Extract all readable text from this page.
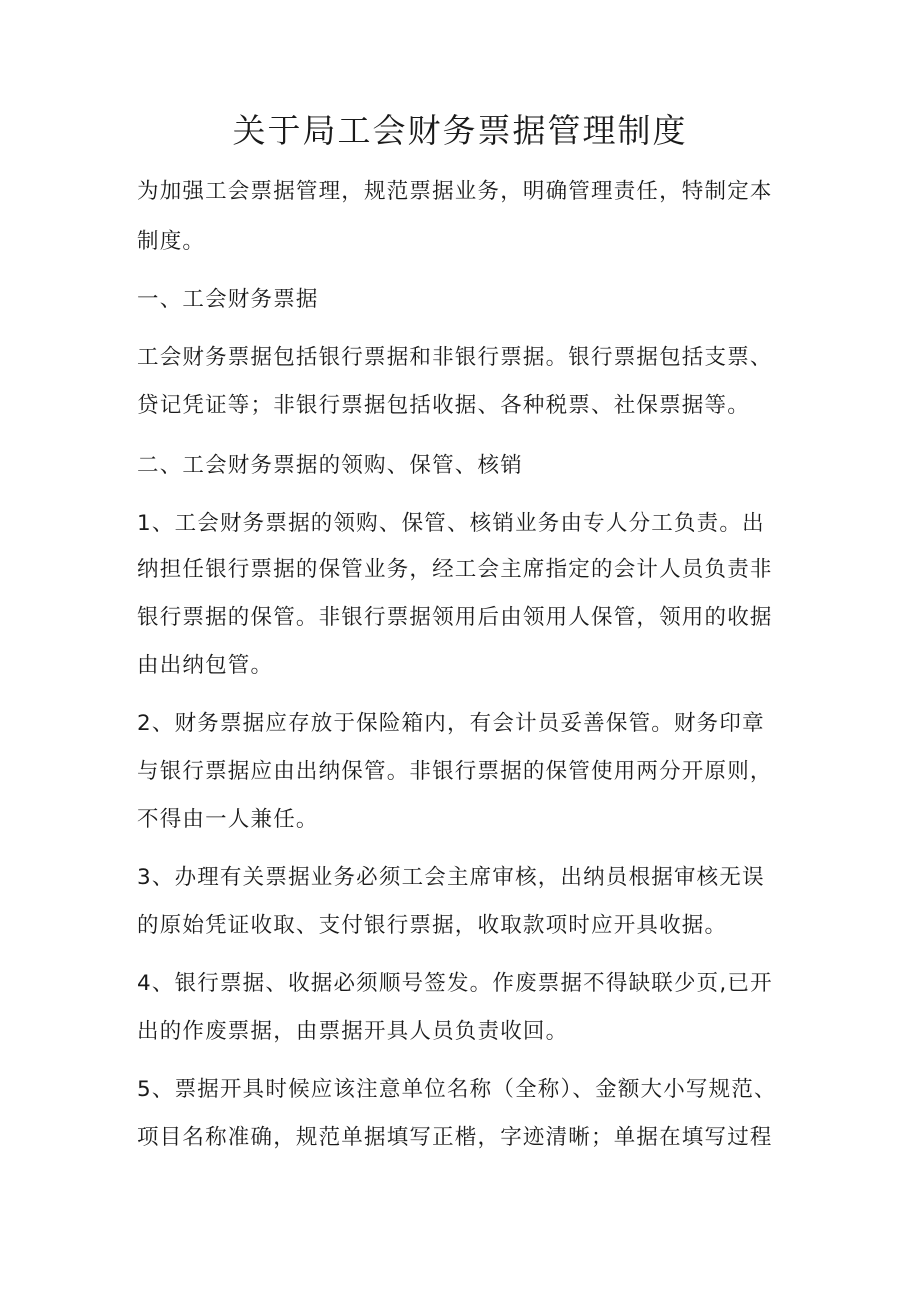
关于局工会财务票据管理制度
为加强工会票据管理，规范票据业务，明确管理责任，特制定本
制度。
一、工会财务票据
工会财务票据包括银行票据和非银行票据。银行票据包括支票、
贷记凭证等；非银行票据包括收据、各种税票、社保票据等。
二、工会财务票据的领购、保管、核销
1、工会财务票据的领购、保管、核销业务由专人分工负责。出
纳担任银行票据的保管业务，经工会主席指定的会计人员负责非
银行票据的保管。非银行票据领用后由领用人保管，领用的收据
由出纳包管。
2、财务票据应存放于保险箱内，有会计员妥善保管。财务印章
与银行票据应由出纳保管。非银行票据的保管使用两分开原则，
不得由一人兼任。
3、办理有关票据业务必须工会主席审核，出纳员根据审核无误
的原始凭证收取、支付银行票据，收取款项时应开具收据。
4、银行票据、收据必须顺号签发。作废票据不得缺联少页,已开
出的作废票据，由票据开具人员负责收回。
5、票据开具时候应该注意单位名称（全称）、金额大小写规范、
项目名称准确，规范单据填写正楷，字迹清晰；单据在填写过程
